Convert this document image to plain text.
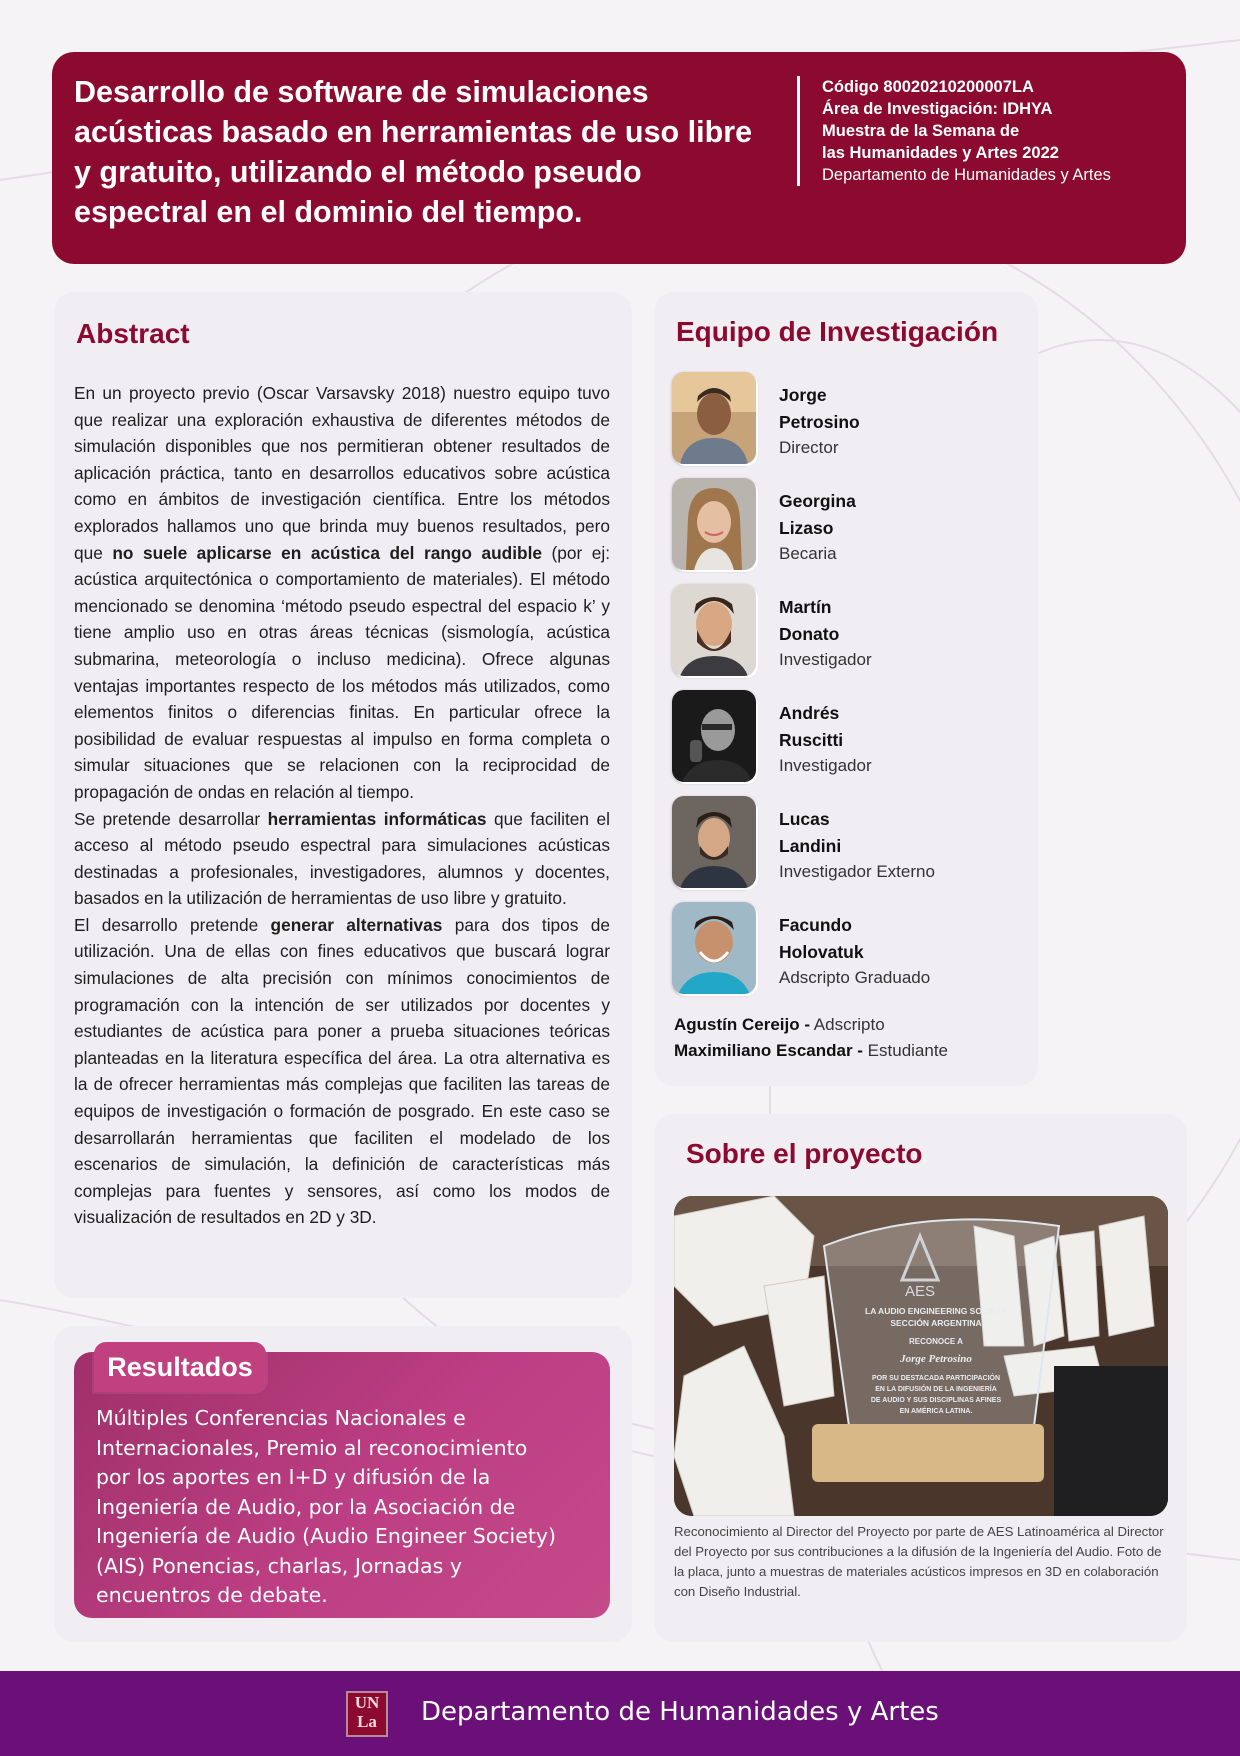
Desarrollo de software de simulaciones acústicas basado en herramientas de uso libre y gratuito, utilizando el método pseudo espectral en el dominio del tiempo.
Código 80020210200007LA
Área de Investigación: IDHYA
Muestra de la Semana de
las Humanidades y Artes 2022
Departamento de Humanidades y Artes
Abstract

En un proyecto previo (Oscar Varsavsky 2018) nuestro equipo tuvo que realizar una exploración exhaustiva de diferentes métodos de simulación disponibles que nos permitieran obtener resultados de aplicación práctica, tanto en desarrollos educativos sobre acústica como en ámbitos de investigación científica. Entre los métodos explorados hallamos uno que brinda muy buenos resultados, pero que no suele aplicarse en acústica del rango audible (por ej: acústica arquitectónica o comportamiento de materiales). El método mencionado se denomina ‘método pseudo espectral del espacio k’ y tiene amplio uso en otras áreas técnicas (sismología, acústica submarina, meteorología o incluso medicina). Ofrece algunas ventajas importantes respecto de los métodos más utilizados, como elementos finitos o diferencias finitas. En particular ofrece la posibilidad de evaluar respuestas al impulso en forma completa o simular situaciones que se relacionen con la reciprocidad de propagación de ondas en relación al tiempo.

Se pretende desarrollar herramientas informáticas que faciliten el acceso al método pseudo espectral para simulaciones acústicas destinadas a profesionales, investigadores, alumnos y docentes, basados en la utilización de herramientas de uso libre y gratuito.

El desarrollo pretende generar alternativas para dos tipos de utilización. Una de ellas con fines educativos que buscará lograr simulaciones de alta precisión con mínimos conocimientos de programación con la intención de ser utilizados por docentes y estudiantes de acústica para poner a prueba situaciones teóricas planteadas en la literatura específica del área. La otra alternativa es la de ofrecer herramientas más complejas que faciliten las tareas de equipos de investigación o formación de posgrado. En este caso se desarrollarán herramientas que faciliten el modelado de los escenarios de simulación, la definición de características más complejas para fuentes y sensores, así como los modos de visualización de resultados en 2D y 3D.

Equipo de Investigación
Jorge
Petrosino
Director
Georgina
Lizaso
Becaria
Martín
Donato
Investigador
Andrés
Ruscitti
Investigador
Lucas
Landini
Investigador Externo
Facundo
Holovatuk
Adscripto Graduado
Agustín Cereijo - Adscripto
Maximiliano Escandar - Estudiante
Sobre el proyecto
AES
LA AUDIO ENGINEERING SOCIETY
SECCIÓN ARGENTINA
RECONOCE A
Jorge Petrosino
POR SU DESTACADA PARTICIPACIÓN
EN LA DIFUSIÓN DE LA INGENIERÍA
DE AUDIO Y SUS DISCIPLINAS AFINES
EN AMÉRICA LATINA.

Reconocimiento al Director del Proyecto por parte de AES Latinoamérica al Director del Proyecto por sus contribuciones a la difusión de la Ingeniería del Audio. Foto de la placa, junto a muestras de materiales acústicos impresos en 3D en colaboración con Diseño Industrial.

Resultados

Múltiples Conferencias Nacionales e Internacionales, Premio al reconocimiento por los aportes en I+D y difusión de la Ingeniería de Audio, por la Asociación de Ingeniería de Audio (Audio Engineer Society) (AIS) Ponencias, charlas, Jornadas y encuentros de debate.

UN
La	Departamento de Humanidades y Artes
